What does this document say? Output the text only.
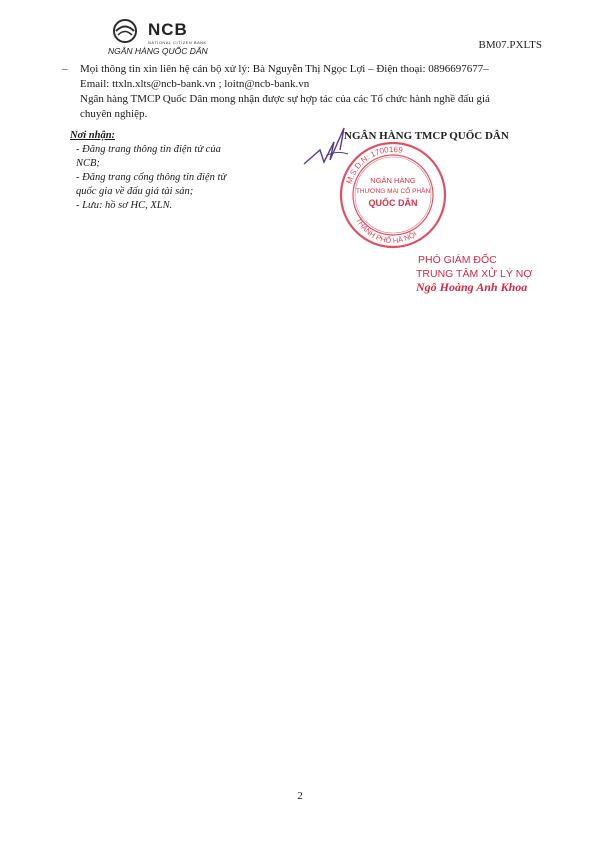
NCB
NATIONAL CITIZEN BANK
NGÂN HÀNG QUỐC DÂN	BM07.PXLTS
–	Mọi thông tin xin liên hệ cán bộ xử lý: Bà Nguyễn Thị Ngọc Lợi – Điện thoại: 0896697677–
Email: ttxln.xlts@ncb-bank.vn ; loitn@ncb-bank.vn
Ngân hàng TMCP Quốc Dân mong nhận được sự hợp tác của các Tổ chức hành nghề đấu giá
chuyên nghiệp.
Nơi nhận:
- Đăng trang thông tin điện tử của
NCB;
- Đăng trang cổng thông tin điện tử
quốc gia về đấu giá tài sản;
- Lưu: hồ sơ HC, XLN.
NGÂN HÀNG TMCP QUỐC DÂN
M.S.D.N: 1700169
THÀNH PHỐ HÀ NỘI
NGÂN HÀNG
THƯƠNG MẠI CỔ PHẦN
QUỐC DÂN
PHÓ GIÁM ĐỐC
TRUNG TÂM XỬ LÝ NỢ
Ngô Hoàng Anh Khoa
2
